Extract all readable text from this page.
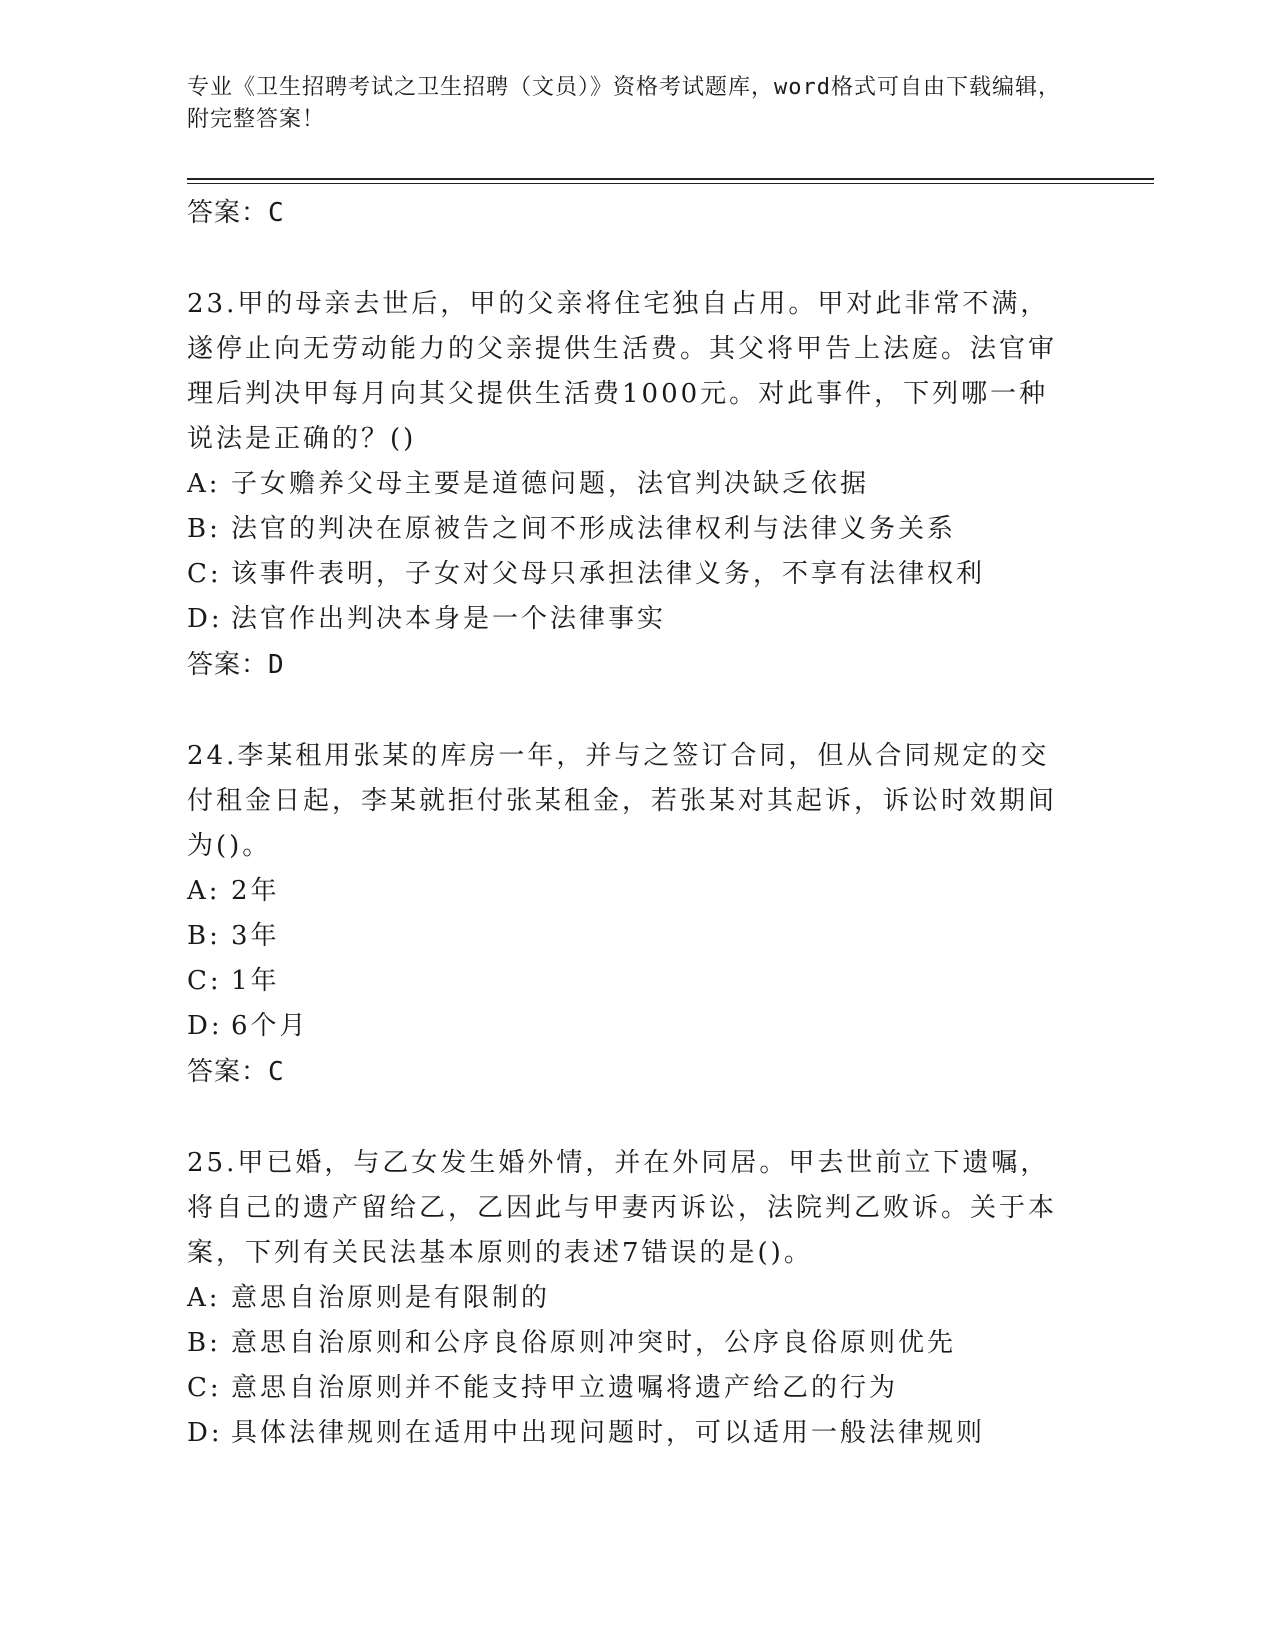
专业《卫生招聘考试之卫生招聘（文员）》资格考试题库，word格式可自由下载编辑，附完整答案！
答案：C
23.甲的母亲去世后，甲的父亲将住宅独自占用。甲对此非常不满，遂停止向无劳动能力的父亲提供生活费。其父将甲告上法庭。法官审理后判决甲每月向其父提供生活费1000元。对此事件，下列哪一种说法是正确的？()
A: 子女赡养父母主要是道德问题，法官判决缺乏依据
B: 法官的判决在原被告之间不形成法律权利与法律义务关系
C: 该事件表明，子女对父母只承担法律义务，不享有法律权利
D: 法官作出判决本身是一个法律事实
答案：D
24.李某租用张某的库房一年，并与之签订合同，但从合同规定的交付租金日起，李某就拒付张某租金，若张某对其起诉，诉讼时效期间为()。
A: 2年
B: 3年
C: 1年
D: 6个月
答案：C
25.甲已婚，与乙女发生婚外情，并在外同居。甲去世前立下遗嘱，将自己的遗产留给乙，乙因此与甲妻丙诉讼，法院判乙败诉。关于本案，下列有关民法基本原则的表述7错误的是()。
A: 意思自治原则是有限制的
B: 意思自治原则和公序良俗原则冲突时，公序良俗原则优先
C: 意思自治原则并不能支持甲立遗嘱将遗产给乙的行为
D: 具体法律规则在适用中出现问题时，可以适用一般法律规则
